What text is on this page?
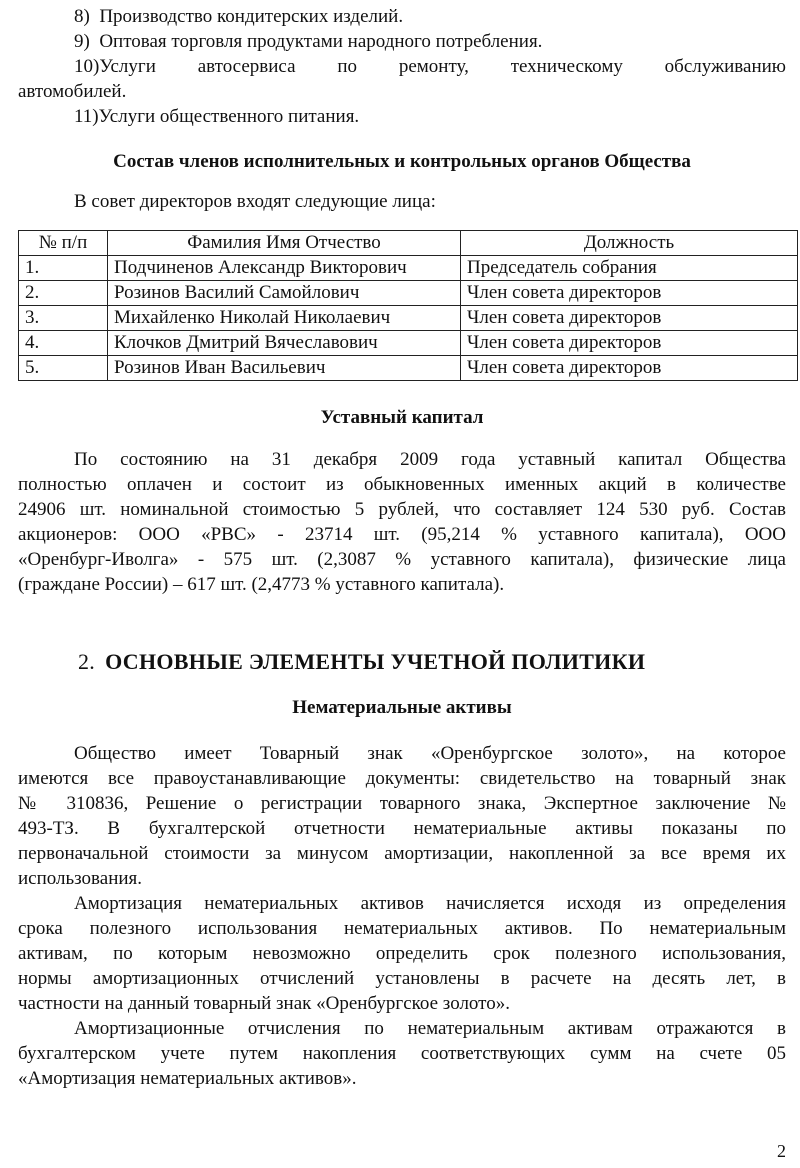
8)  Производство кондитерских изделий.
9)  Оптовая торговля продуктами народного потребления.
10)Услуги автосервиса по ремонту, техническому обслуживанию
автомобилей.
11)Услуги общественного питания.
Состав членов исполнительных и контрольных органов Общества

В совет директоров входят следующие лица:

№ п/п	Фамилия Имя Отчество	Должность
1.	Подчиненов Александр Викторович	Председатель собрания
2.	Розинов Василий Самойлович	Член совета директоров
3.	Михайленко Николай Николаевич	Член совета директоров
4.	Клочков Дмитрий Вячеславович	Член совета директоров
5.	Розинов Иван Васильевич	Член совета директоров
Уставный капитал

По состоянию на 31 декабря 2009 года уставный капитал Общества

полностью оплачен и состоит из обыкновенных именных акций в количестве

24906 шт. номинальной стоимостью 5 рублей, что составляет 124 530 руб. Состав

акционеров: ООО «РВС» - 23714 шт. (95,214 % уставного капитала), ООО

«Оренбург-Иволга» - 575 шт. (2,3087 % уставного капитала), физические лица

(граждане России) – 617 шт. (2,4773 % уставного капитала).

2. ОСНОВНЫЕ ЭЛЕМЕНТЫ УЧЕТНОЙ ПОЛИТИКИ
Нематериальные активы

Общество имеет Товарный знак «Оренбургское золото», на которое

имеются все правоустанавливающие документы: свидетельство на товарный знак

№ 310836, Решение о регистрации товарного знака, Экспертное заключение №

493-ТЗ. В бухгалтерской отчетности нематериальные активы показаны по

первоначальной стоимости за минусом амортизации, накопленной за все время их

использования.

Амортизация нематериальных активов начисляется исходя из определения

срока полезного использования нематериальных активов. По нематериальным

активам, по которым невозможно определить срок полезного использования,

нормы амортизационных отчислений установлены в расчете на десять лет, в

частности на данный товарный знак «Оренбургское золото».

Амортизационные отчисления по нематериальным активам отражаются в

бухгалтерском учете путем накопления соответствующих сумм на счете 05

«Амортизация нематериальных активов».

2
